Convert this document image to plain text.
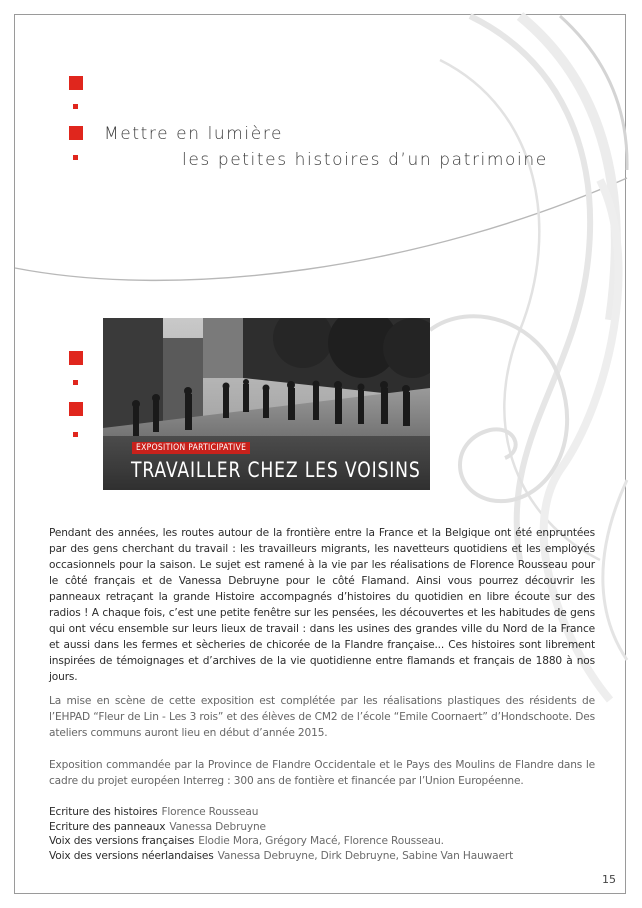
Mettre en lumière
les petites histoires d’un patrimoine
EXPOSITION PARTICIPATIVE
TRAVAILLER CHEZ LES VOISINS

Pendant des années, les routes autour de la frontière entre la France et la Belgique ont été enpruntées par des gens cherchant du travail : les travailleurs migrants, les navetteurs quotidiens et les employés occasionnels pour la saison. Le sujet est ramené à la vie par les réalisations de Florence Rousseau pour le côté français et de Vanessa Debruyne pour le côté Flamand. Ainsi vous pourrez découvrir les panneaux retraçant la grande Histoire accompagnés d’histoires du quotidien en libre écoute sur des radios ! A chaque fois, c’est une petite fenêtre sur les pensées, les découvertes et les habitudes de gens qui ont vécu ensemble sur leurs lieux de travail : dans les usines des grandes ville du Nord de la France et aussi dans les fermes et sècheries de chicorée de la Flandre française... Ces histoires sont librement inspirées de témoignages et d’archives de la vie quotidienne entre flamands et français de 1880 à nos jours.

La mise en scène de cette exposition est complétée par les réalisations plastiques des résidents de l’EHPAD “Fleur de Lin - Les 3 rois” et des élèves de CM2 de l’école “Emile Coornaert” d’Hondschoote. Des ateliers communs auront lieu en début d’année 2015.

Exposition commandée par la Province de Flandre Occidentale et le Pays des Moulins de Flandre dans le cadre du projet européen Interreg : 300 ans de fontière et financée par l’Union Européenne.

Ecriture des histoires Florence Rousseau
Ecriture des panneaux Vanessa Debruyne
Voix des versions françaises Elodie Mora, Grégory Macé, Florence Rousseau.
Voix des versions néerlandaises Vanessa Debruyne, Dirk Debruyne, Sabine Van Hauwaert
15
